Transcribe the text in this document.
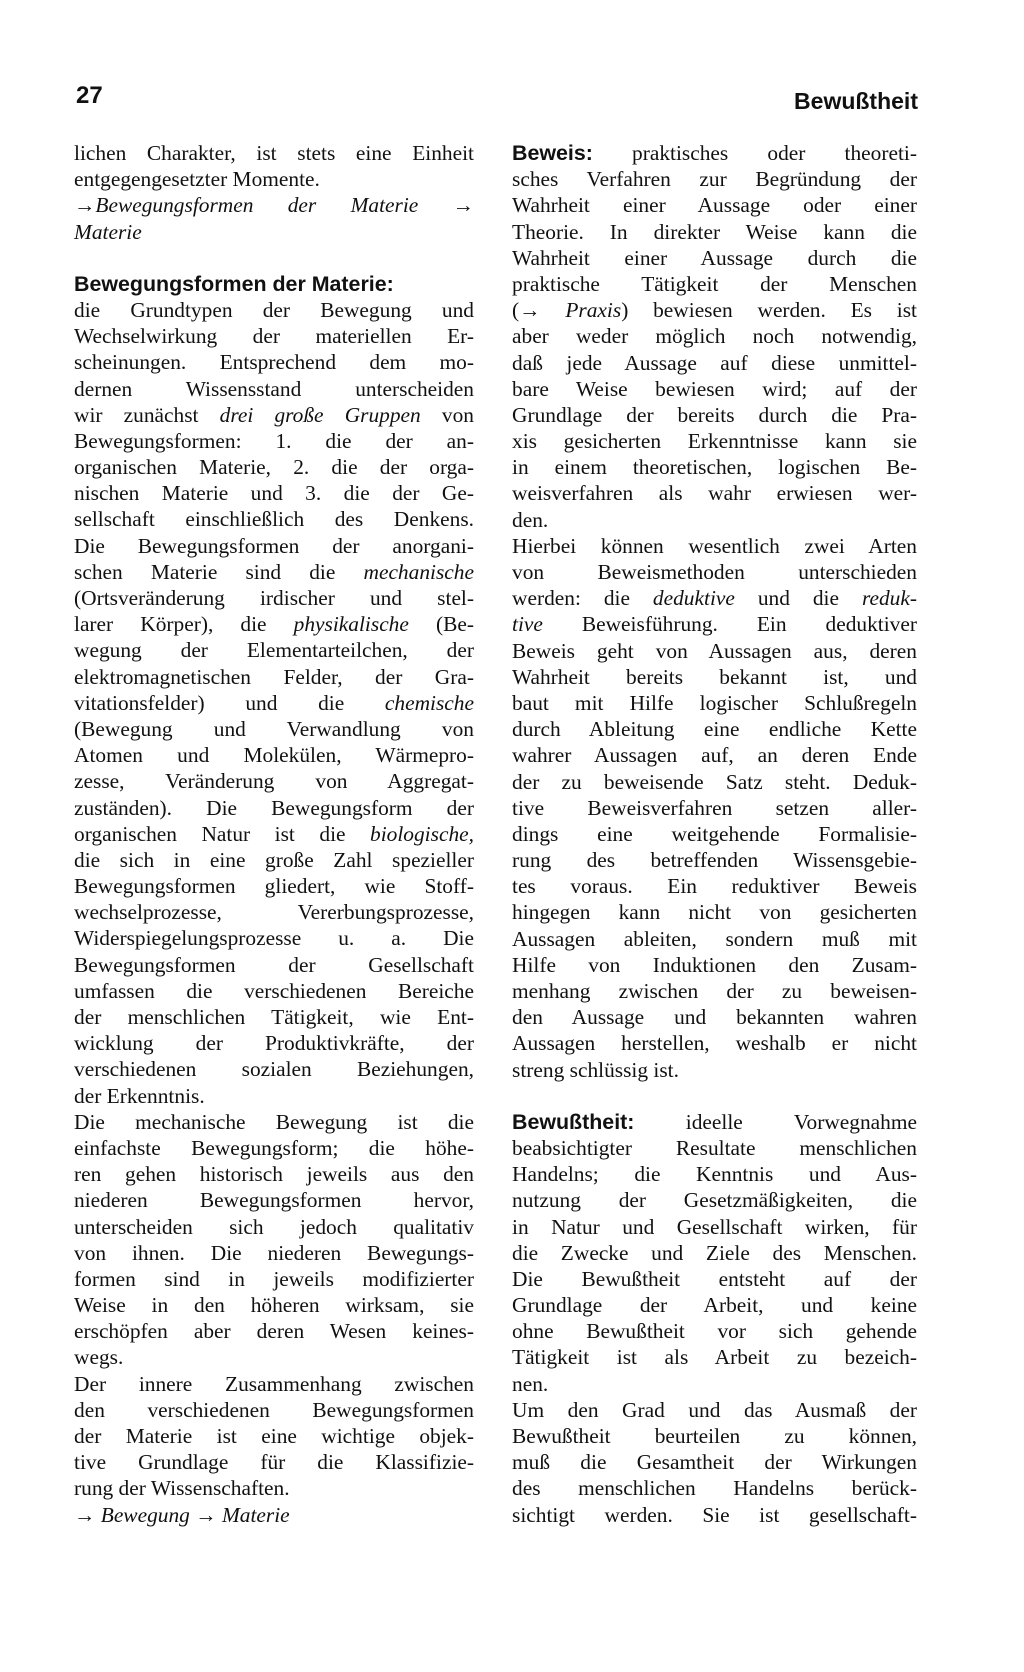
27	Bewußtheit
lichen Charakter, ist stets eine Einheit
entgegengesetzter Momente.
→Bewegungsformen der Materie →
Materie
Bewegungsformen der Materie:
die Grundtypen der Bewegung und
Wechselwirkung der materiellen Er-
scheinungen. Entsprechend dem mo-
dernen Wissensstand unterscheiden
wir zunächst drei große Gruppen von
Bewegungsformen: 1. die der an-
organischen Materie, 2. die der orga-
nischen Materie und 3. die der Ge-
sellschaft einschließlich des Denkens.
Die Bewegungsformen der anorgani-
schen Materie sind die mechanische
(Ortsveränderung irdischer und stel-
larer Körper), die physikalische (Be-
wegung der Elementarteilchen, der
elektromagnetischen Felder, der Gra-
vitationsfelder) und die chemische
(Bewegung und Verwandlung von
Atomen und Molekülen, Wärmepro-
zesse, Veränderung von Aggregat-
zuständen). Die Bewegungsform der
organischen Natur ist die biologische,
die sich in eine große Zahl spezieller
Bewegungsformen gliedert, wie Stoff-
wechselprozesse, Vererbungsprozesse,
Widerspiegelungsprozesse u. a. Die
Bewegungsformen der Gesellschaft
umfassen die verschiedenen Bereiche
der menschlichen Tätigkeit, wie Ent-
wicklung der Produktivkräfte, der
verschiedenen sozialen Beziehungen,
der Erkenntnis.
Die mechanische Bewegung ist die
einfachste Bewegungsform; die höhe-
ren gehen historisch jeweils aus den
niederen Bewegungsformen hervor,
unterscheiden sich jedoch qualitativ
von ihnen. Die niederen Bewegungs-
formen sind in jeweils modifizierter
Weise in den höheren wirksam, sie
erschöpfen aber deren Wesen keines-
wegs.
Der innere Zusammenhang zwischen
den verschiedenen Bewegungsformen
der Materie ist eine wichtige objek-
tive Grundlage für die Klassifizie-
rung der Wissenschaften.
→ Bewegung → Materie
Beweis: praktisches oder theoreti-
sches Verfahren zur Begründung der
Wahrheit einer Aussage oder einer
Theorie. In direkter Weise kann die
Wahrheit einer Aussage durch die
praktische Tätigkeit der Menschen
(→ Praxis) bewiesen werden. Es ist
aber weder möglich noch notwendig,
daß jede Aussage auf diese unmittel-
bare Weise bewiesen wird; auf der
Grundlage der bereits durch die Pra-
xis gesicherten Erkenntnisse kann sie
in einem theoretischen, logischen Be-
weisverfahren als wahr erwiesen wer-
den.
Hierbei können wesentlich zwei Arten
von Beweismethoden unterschieden
werden: die deduktive und die reduk-
tive Beweisführung. Ein deduktiver
Beweis geht von Aussagen aus, deren
Wahrheit bereits bekannt ist, und
baut mit Hilfe logischer Schlußregeln
durch Ableitung eine endliche Kette
wahrer Aussagen auf, an deren Ende
der zu beweisende Satz steht. Deduk-
tive Beweisverfahren setzen aller-
dings eine weitgehende Formalisie-
rung des betreffenden Wissensgebie-
tes voraus. Ein reduktiver Beweis
hingegen kann nicht von gesicherten
Aussagen ableiten, sondern muß mit
Hilfe von Induktionen den Zusam-
menhang zwischen der zu beweisen-
den Aussage und bekannten wahren
Aussagen herstellen, weshalb er nicht
streng schlüssig ist.
Bewußtheit: ideelle Vorwegnahme
beabsichtigter Resultate menschlichen
Handelns; die Kenntnis und Aus-
nutzung der Gesetzmäßigkeiten, die
in Natur und Gesellschaft wirken, für
die Zwecke und Ziele des Menschen.
Die Bewußtheit entsteht auf der
Grundlage der Arbeit, und keine
ohne Bewußtheit vor sich gehende
Tätigkeit ist als Arbeit zu bezeich-
nen.
Um den Grad und das Ausmaß der
Bewußtheit beurteilen zu können,
muß die Gesamtheit der Wirkungen
des menschlichen Handelns berück-
sichtigt werden. Sie ist gesellschaft-
